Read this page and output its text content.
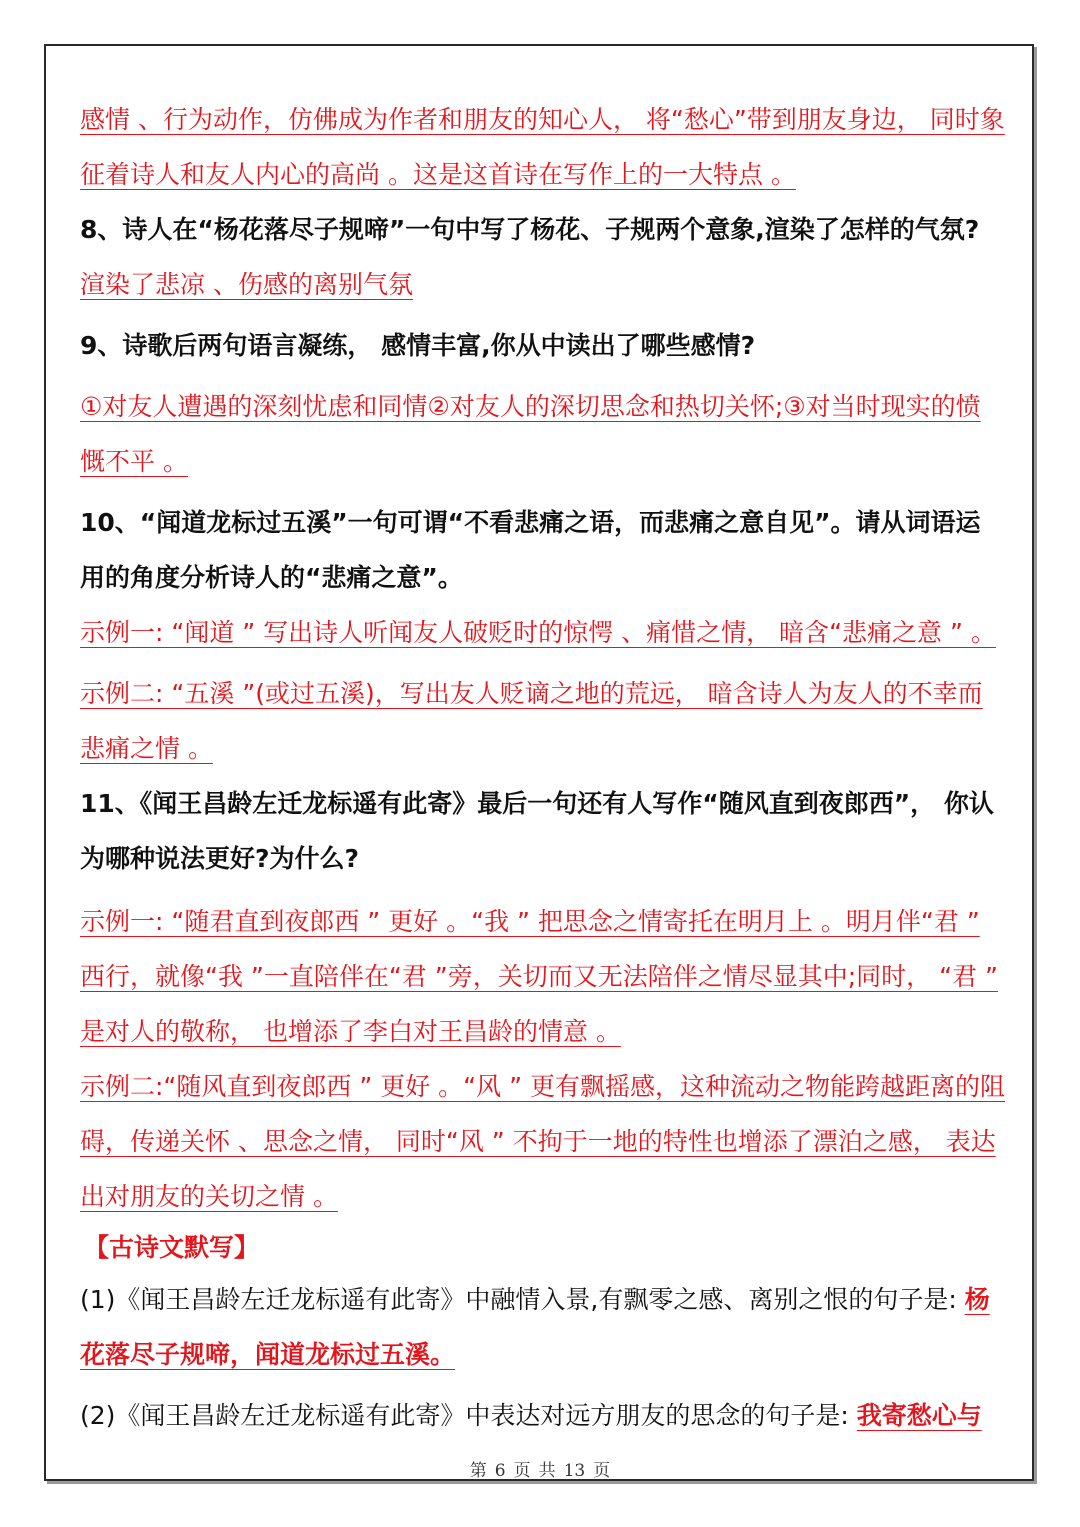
感情 、行为动作，仿佛成为作者和朋友的知心人， 将“愁心”带到朋友身边， 同时象征着诗人和友人内心的高尚 。这是这首诗在写作上的一大特点 。
8、诗人在“杨花落尽子规啼”一句中写了杨花、子规两个意象,渲染了怎样的气氛?
渲染了悲凉 、伤感的离别气氛
9、诗歌后两句语言凝练， 感情丰富,你从中读出了哪些感情?
①对友人遭遇的深刻忧虑和同情②对友人的深切思念和热切关怀;③对当时现实的愤慨不平 。
10、“闻道龙标过五溪”一句可谓“不看悲痛之语，而悲痛之意自见”。请从词语运用的角度分析诗人的“悲痛之意”。
示例一: “闻道 ” 写出诗人听闻友人破贬时的惊愕 、痛惜之情， 暗含“悲痛之意 ” 。
示例二: “五溪 ”(或过五溪)，写出友人贬谪之地的荒远， 暗含诗人为友人的不幸而悲痛之情 。
11、《闻王昌龄左迁龙标遥有此寄》最后一句还有人写作“随风直到夜郎西”， 你认为哪种说法更好?为什么?
示例一: “随君直到夜郎西 ” 更好 。“我 ” 把思念之情寄托在明月上 。明月伴“君 ” 西行，就像“我 ”一直陪伴在“君 ”旁，关切而又无法陪伴之情尽显其中;同时， “君 ” 是对人的敬称， 也增添了李白对王昌龄的情意 。
示例二:“随风直到夜郎西 ” 更好 。“风 ” 更有飘摇感，这种流动之物能跨越距离的阻碍，传递关怀 、思念之情， 同时“风 ” 不拘于一地的特性也增添了漂泊之感， 表达出对朋友的关切之情 。
【古诗文默写】
(1)《闻王昌龄左迁龙标遥有此寄》中融情入景,有飘零之感、离别之恨的句子是: 杨花落尽子规啼，闻道龙标过五溪。
(2)《闻王昌龄左迁龙标遥有此寄》中表达对远方朋友的思念的句子是: 我寄愁心与
第 6 页 共 13 页
